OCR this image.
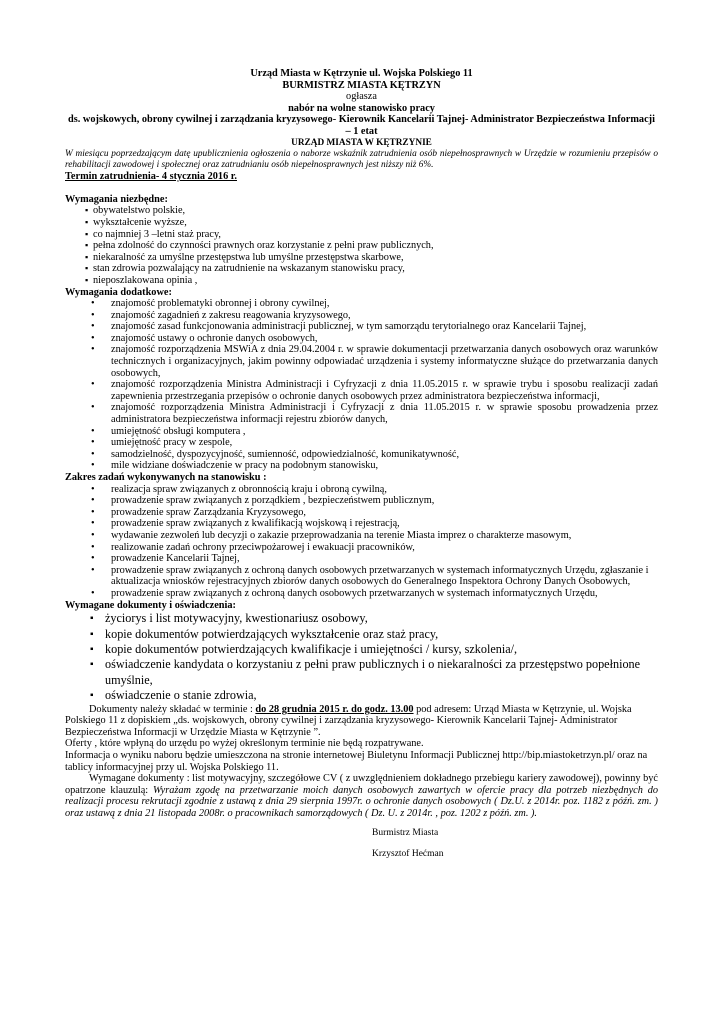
Urząd Miasta w Kętrzynie ul. Wojska Polskiego 11
BURMISTRZ MIASTA KĘTRZYN
ogłasza
nabór na wolne stanowisko pracy
ds. wojskowych, obrony cywilnej i zarządzania kryzysowego- Kierownik Kancelarii Tajnej- Administrator Bezpieczeństwa Informacji – 1 etat
URZĄD MIASTA W KĘTRZYNIE
W miesiącu poprzedzającym datę upublicznienia ogłoszenia o naborze wskaźnik zatrudnienia osób niepełnosprawnych w Urzędzie w rozumieniu przepisów o rehabilitacji zawodowej i społecznej oraz zatrudnianiu osób niepełnosprawnych jest niższy niż 6%.
Termin zatrudnienia- 4 stycznia 2016 r.
Wymagania niezbędne:
▪ obywatelstwo polskie,
▪ wykształcenie wyższe,
▪ co najmniej 3 –letni staż pracy,
▪ pełna zdolność do czynności prawnych oraz korzystanie z pełni praw publicznych,
▪ niekaralność za umyślne przestępstwa lub umyślne przestępstwa skarbowe,
▪ stan zdrowia pozwalający na zatrudnienie na wskazanym stanowisku pracy,
▪ nieposzlakowana opinia ,
Wymagania dodatkowe:
• znajomość problematyki obronnej i obrony cywilnej,
• znajomość zagadnień z zakresu reagowania kryzysowego,
• znajomość zasad funkcjonowania administracji publicznej, w tym samorządu terytorialnego oraz Kancelarii Tajnej,
• znajomość ustawy o ochronie danych osobowych,
• znajomość rozporządzenia MSWiA z dnia 29.04.2004 r. w sprawie dokumentacji przetwarzania danych osobowych oraz warunków technicznych i organizacyjnych, jakim powinny odpowiadać urządzenia i systemy informatyczne służące do przetwarzania danych osobowych,
• znajomość rozporządzenia Ministra Administracji i Cyfryzacji z dnia 11.05.2015 r. w sprawie trybu i sposobu realizacji zadań zapewnienia przestrzegania przepisów o ochronie danych osobowych przez administratora bezpieczeństwa informacji,
• znajomość rozporządzenia Ministra Administracji i Cyfryzacji z dnia 11.05.2015 r. w sprawie sposobu prowadzenia przez administratora bezpieczeństwa informacji rejestru zbiorów danych,
• umiejętność obsługi komputera ,
• umiejętność pracy w zespole,
• samodzielność, dyspozycyjność, sumienność, odpowiedzialność, komunikatywność,
• mile widziane doświadczenie w pracy na podobnym stanowisku,
Zakres zadań wykonywanych na stanowisku :
• realizacja spraw związanych z obronnością kraju i obroną cywilną,
• prowadzenie spraw związanych z porządkiem , bezpieczeństwem publicznym,
• prowadzenie spraw Zarządzania Kryzysowego,
• prowadzenie spraw związanych z kwalifikacją wojskową i rejestracją,
• wydawanie zezwoleń lub decyzji o zakazie przeprowadzania na terenie Miasta imprez o charakterze masowym,
• realizowanie zadań ochrony przeciwpożarowej i ewakuacji pracowników,
• prowadzenie Kancelarii Tajnej,
• prowadzenie spraw związanych z ochroną danych osobowych przetwarzanych w systemach informatycznych Urzędu, zgłaszanie i aktualizacja wniosków rejestracyjnych zbiorów danych osobowych do Generalnego Inspektora Ochrony Danych Osobowych,
• prowadzenie spraw związanych z ochroną danych osobowych przetwarzanych w systemach informatycznych Urzędu,
Wymagane dokumenty i oświadczenia:
▪ życiorys i list motywacyjny, kwestionariusz osobowy,
▪ kopie dokumentów potwierdzających wykształcenie oraz staż pracy,
▪ kopie dokumentów potwierdzających kwalifikacje i umiejętności / kursy, szkolenia/,
▪ oświadczenie kandydata o korzystaniu z pełni praw publicznych i o niekaralności za przestępstwo popełnione umyślnie,
▪ oświadczenie o stanie zdrowia,
Dokumenty należy składać w terminie : do 28 grudnia 2015 r. do godz. 13.00 pod adresem: Urząd Miasta w Kętrzynie, ul. Wojska Polskiego 11 z dopiskiem „ds. wojskowych, obrony cywilnej i zarządzania kryzysowego- Kierownik Kancelarii Tajnej- Administrator Bezpieczeństwa Informacji w Urzędzie Miasta w Kętrzynie ”.
Oferty , które wpłyną do urzędu po wyżej określonym terminie nie będą rozpatrywane.
Informacja o wyniku naboru będzie umieszczona na stronie internetowej Biuletynu Informacji Publicznej http://bip.miastoketrzyn.pl/ oraz na tablicy informacyjnej przy ul. Wojska Polskiego 11.
Wymagane dokumenty : list motywacyjny, szczegółowe CV ( z uwzględnieniem dokładnego przebiegu kariery zawodowej), powinny być opatrzone klauzulą: Wyrażam zgodę na przetwarzanie moich danych osobowych zawartych w ofercie pracy dla potrzeb niezbędnych do realizacji procesu rekrutacji zgodnie z ustawą z dnia 29 sierpnia 1997r. o ochronie danych osobowych ( Dz.U. z 2014r. poz. 1182 z późń. zm. ) oraz ustawą z dnia 21 listopada 2008r. o pracownikach samorządowych ( Dz. U. z 2014r. , poz. 1202 z późń. zm. ).
Burmistrz Miasta
Krzysztof Hećman
